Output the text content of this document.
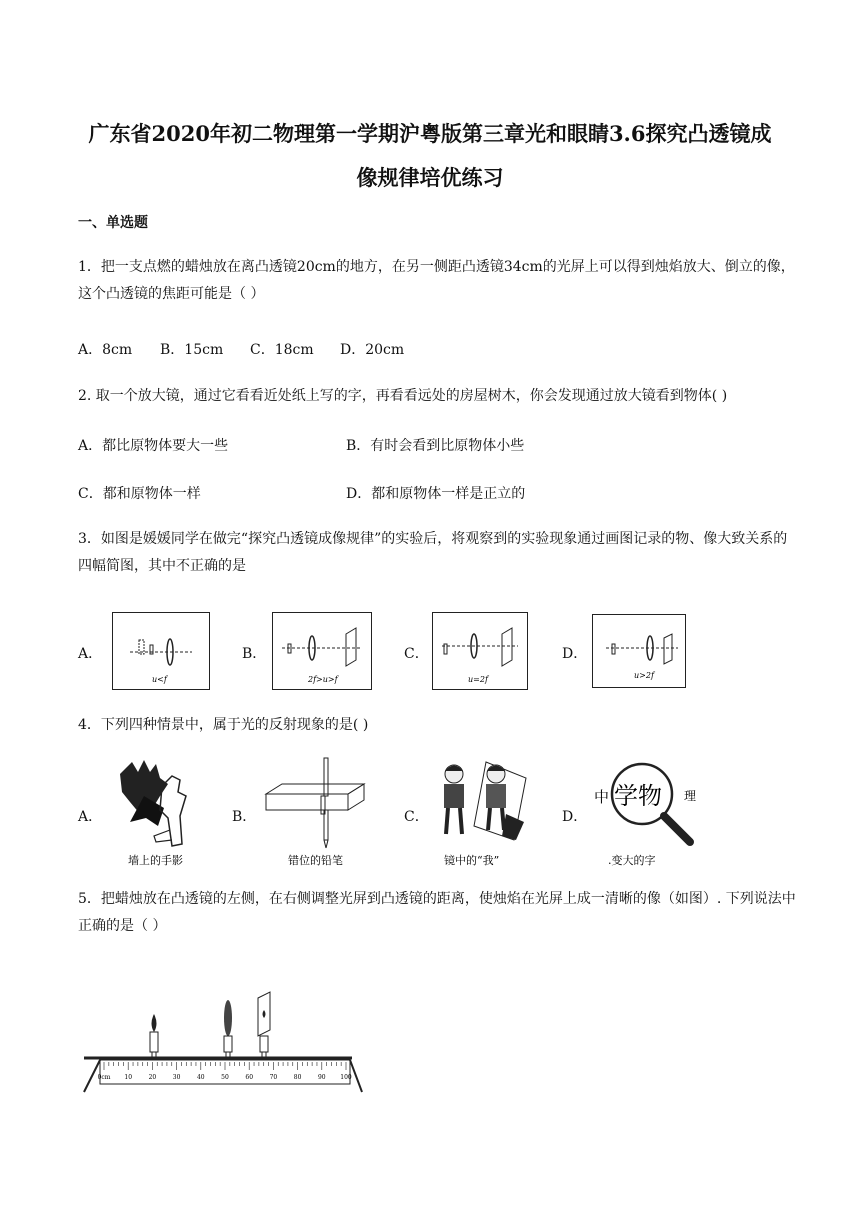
广东省2020年初二物理第一学期沪粤版第三章光和眼睛3.6探究凸透镜成
像规律培优练习
一、单选题
1．把一支点燃的蜡烛放在离凸透镜20cm的地方，在另一侧距凸透镜34cm的光屏上可以得到烛焰放大、倒立的像，这个凸透镜的焦距可能是（ ）
A．8cm B．15cm C．18cm D．20cm
2. 取一个放大镜，通过它看看近处纸上写的字，再看看远处的房屋树木，你会发现通过放大镜看到物体( )
A．都比原物体要大一些	B．有时会看到比原物体小些
C．都和原物体一样	D．都和原物体一样是正立的
3．如图是媛媛同学在做完“探究凸透镜成像规律”的实验后，将观察到的实验现象通过画图记录的物、像大致关系的四幅简图，其中不正确的是
A．
u<f
B．
2f>u>f
C．
u=2f
D．
u>2f
4．下列四种情景中，属于光的反射现象的是( )
A．
墙上的手影
B．
错位的铅笔
C．
镜中的“我”
D．
中 学物 理
.变大的字
5．把蜡烛放在凸透镜的左侧，在右侧调整光屏到凸透镜的距离，使烛焰在光屏上成一清晰的像（如图）. 下列说法中正确的是（ ）
0cm 10	20	30	40	50	60	70	80	90 100
